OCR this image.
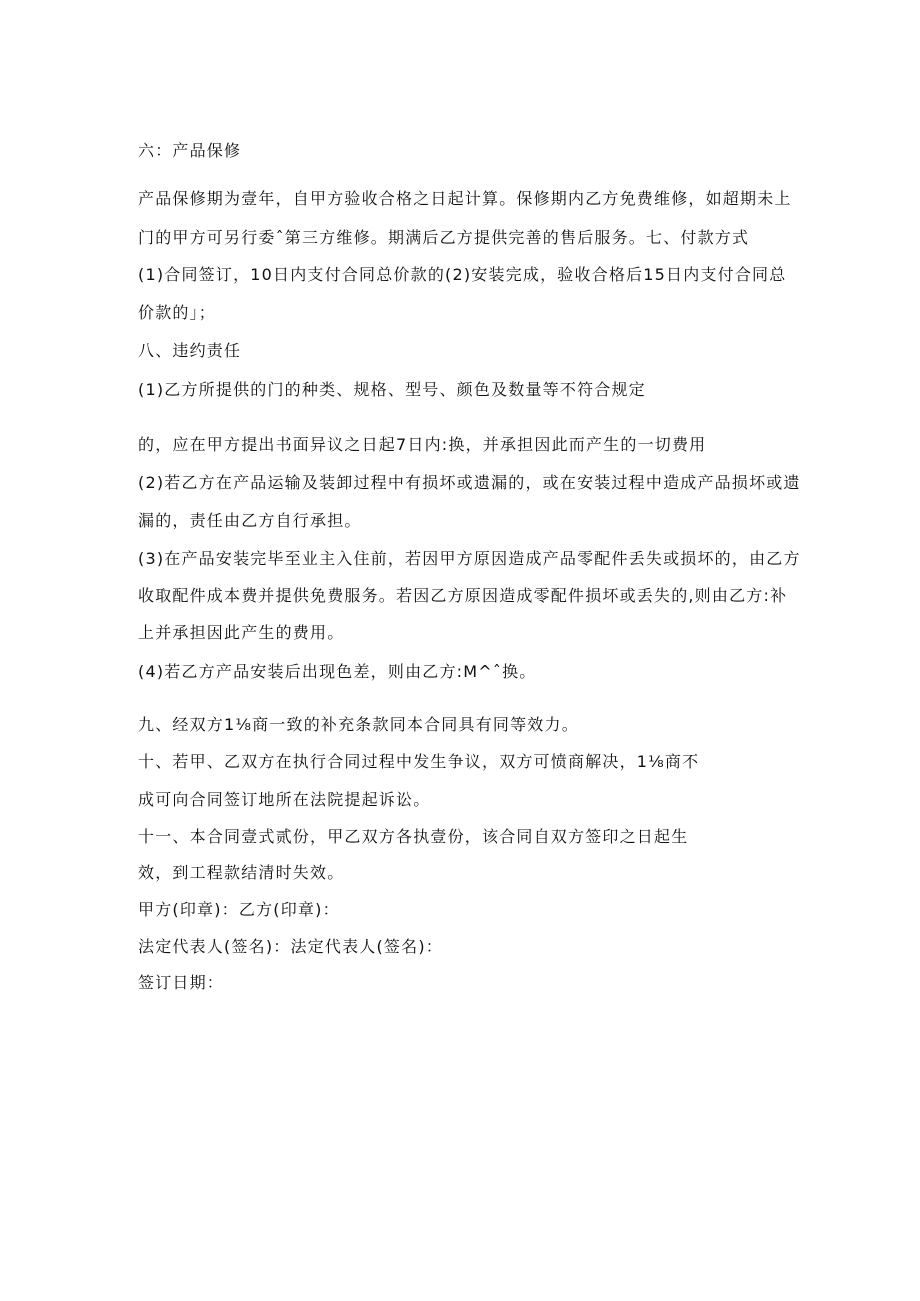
六：产品保修

产品保修期为壹年，自甲方验收合格之日起计算。保修期内乙方免费维修，如超期未上

门的甲方可另行委ˆ第三方维修。期满后乙方提供完善的售后服务。七、付款方式

(1)合同签订，10日内支付合同总价款的(2)安装完成，验收合格后15日内支付合同总

价款的」；

八、违约责任

(1)乙方所提供的门的种类、规格、型号、颜色及数量等不符合规定

的，应在甲方提出书面异议之日起7日内:换，并承担因此而产生的一切费用

(2)若乙方在产品运输及装卸过程中有损坏或遗漏的，或在安装过程中造成产品损坏或遗

漏的，责任由乙方自行承担。

(3)在产品安装完毕至业主入住前，若因甲方原因造成产品零配件丢失或损坏的，由乙方

收取配件成本费并提供免费服务。若因乙方原因造成零配件损坏或丢失的,则由乙方:补

上并承担因此产生的费用。

(4)若乙方产品安装后出现色差，则由乙方:M^ˆ换。

九、经双方1⅛商一致的补充条款同本合同具有同等效力。

十、若甲、乙双方在执行合同过程中发生争议，双方可愤商解决，1⅛商不

成可向合同签订地所在法院提起诉讼。

十一、本合同壹式贰份，甲乙双方各执壹份，该合同自双方签印之日起生

效，到工程款结清时失效。

甲方(印章)：乙方(印章)：

法定代表人(签名)：法定代表人(签名)：

签订日期：
